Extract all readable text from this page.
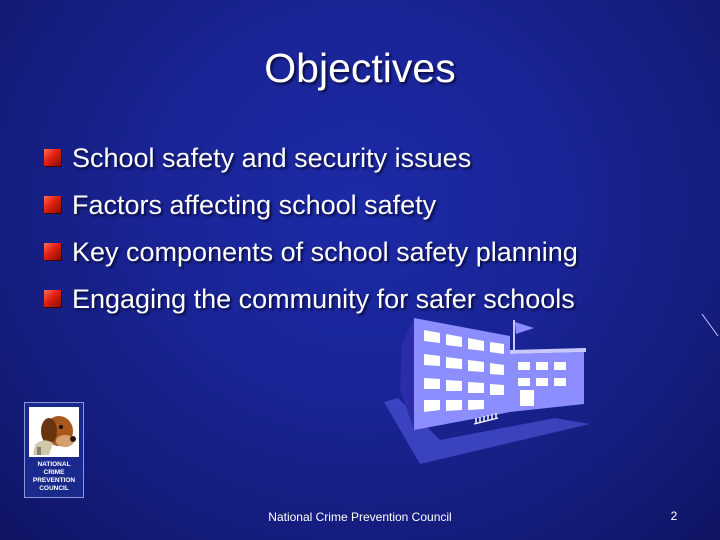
Objectives
School safety and security issues
Factors affecting school safety
Key components of school safety planning
Engaging the community for safer schools
NATIONAL
CRIME
PREVENTION
COUNCIL
National Crime Prevention Council	2
